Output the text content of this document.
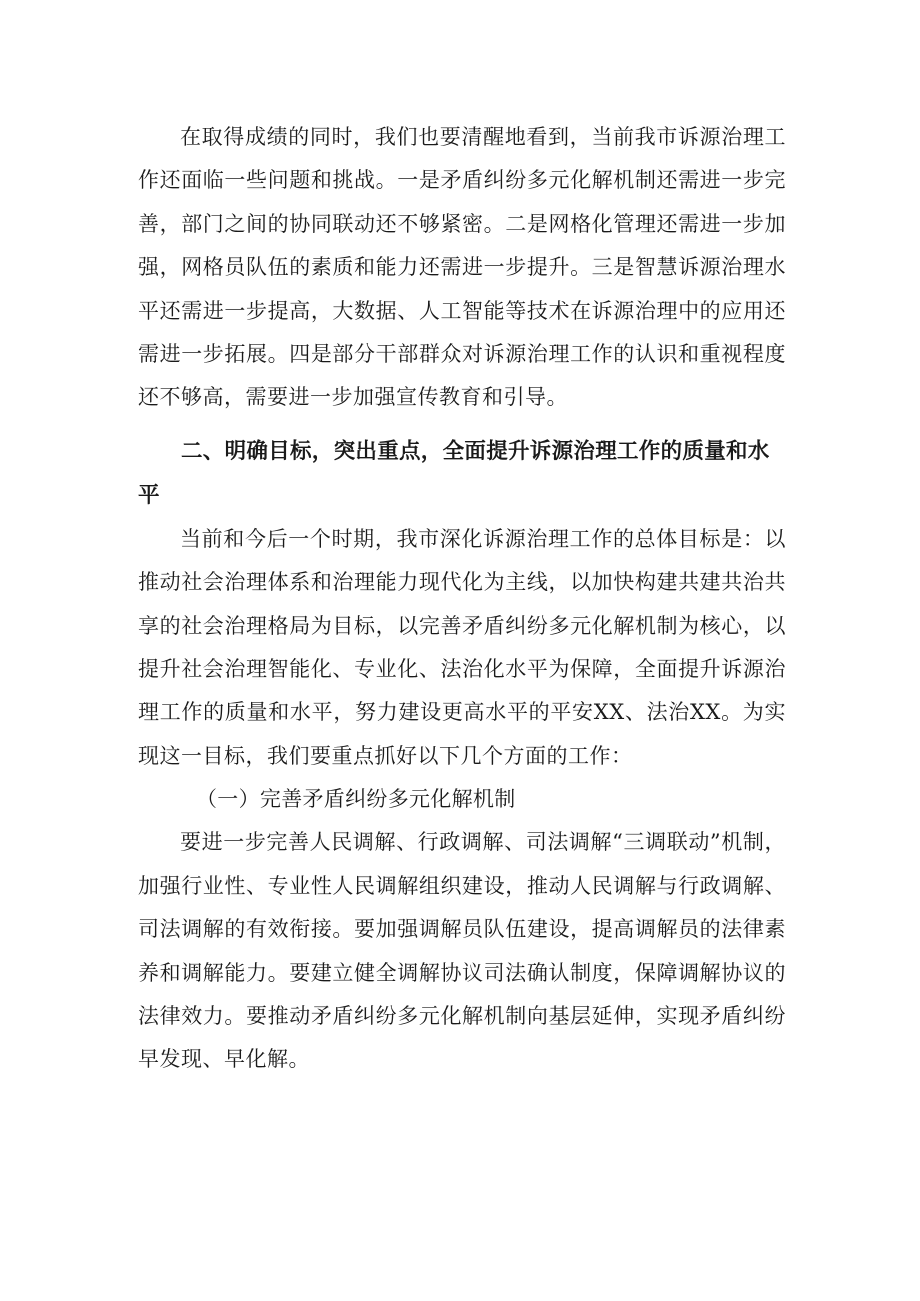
在取得成绩的同时，我们也要清醒地看到，当前我市诉源治理工作还面临一些问题和挑战。一是矛盾纠纷多元化解机制还需进一步完善，部门之间的协同联动还不够紧密。二是网格化管理还需进一步加强，网格员队伍的素质和能力还需进一步提升。三是智慧诉源治理水平还需进一步提高，大数据、人工智能等技术在诉源治理中的应用还需进一步拓展。四是部分干部群众对诉源治理工作的认识和重视程度还不够高，需要进一步加强宣传教育和引导。

二、明确目标，突出重点，全面提升诉源治理工作的质量和水平

当前和今后一个时期，我市深化诉源治理工作的总体目标是：以推动社会治理体系和治理能力现代化为主线，以加快构建共建共治共享的社会治理格局为目标，以完善矛盾纠纷多元化解机制为核心，以提升社会治理智能化、专业化、法治化水平为保障，全面提升诉源治理工作的质量和水平，努力建设更高水平的平安XX、法治XX。为实现这一目标，我们要重点抓好以下几个方面的工作：

（一）完善矛盾纠纷多元化解机制

要进一步完善人民调解、行政调解、司法调解“三调联动”机制，加强行业性、专业性人民调解组织建设，推动人民调解与行政调解、司法调解的有效衔接。要加强调解员队伍建设，提高调解员的法律素养和调解能力。要建立健全调解协议司法确认制度，保障调解协议的法律效力。要推动矛盾纠纷多元化解机制向基层延伸，实现矛盾纠纷早发现、早化解。
